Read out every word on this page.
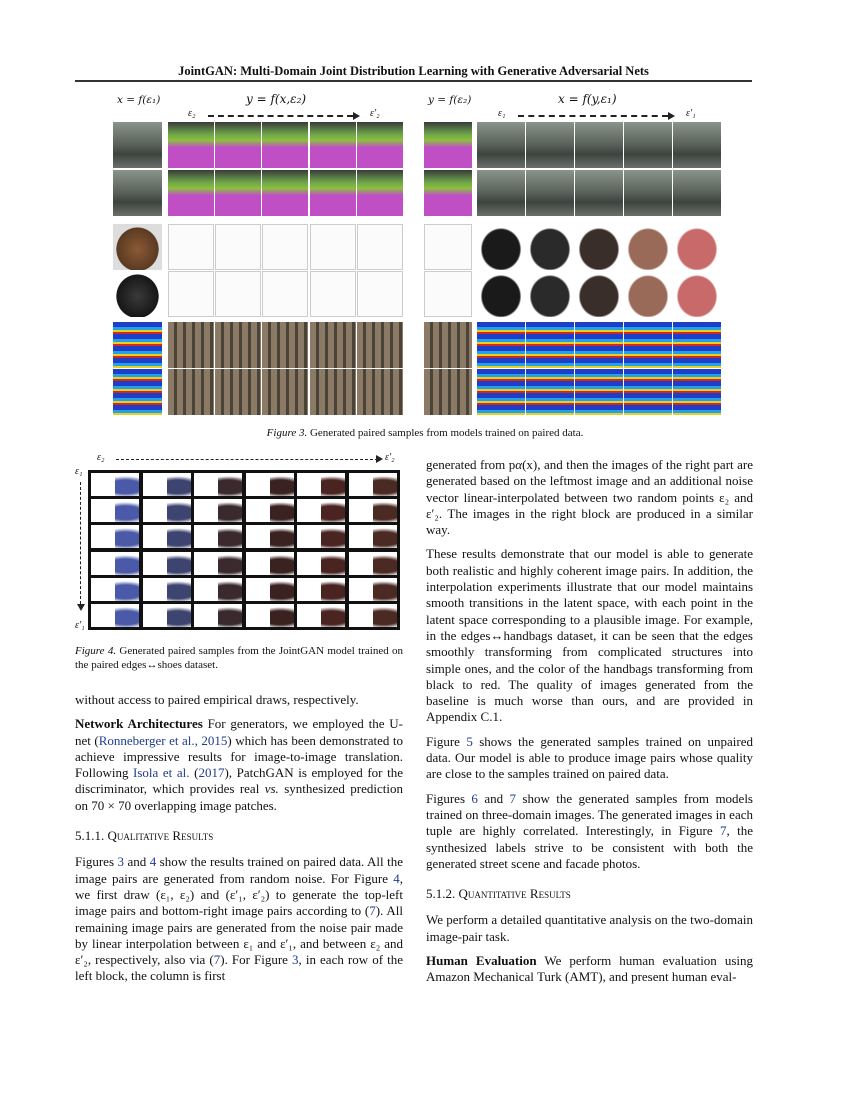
JointGAN: Multi-Domain Joint Distribution Learning with Generative Adversarial Nets
x = f(ε₁)	y = f(x,ε₂)
ε₂	ε′₂
y = f(ε₂)	x = f(y,ε₁)
ε₁	ε′₁
Figure 3. Generated paired samples from models trained on paired data.
ε₂	ε′₂
ε₁
ε′₁
Figure 4. Generated paired samples from the JointGAN model trained on the paired edges↔shoes dataset.

without access to paired empirical draws, respectively.

Network Architectures For generators, we employed the U-net (Ronneberger et al., 2015) which has been demonstrated to achieve impressive results for image-to-image translation. Following Isola et al. (2017), PatchGAN is employed for the discriminator, which provides real vs. synthesized prediction on 70 × 70 overlapping image patches.

5.1.1. Qualitative Results

Figures 3 and 4 show the results trained on paired data. All the image pairs are generated from random noise. For Figure 4, we first draw (ε₁, ε₂) and (ε′₁, ε′₂) to generate the top-left image pairs and bottom-right image pairs according to (7). All remaining image pairs are generated from the noise pair made by linear interpolation between ε₁ and ε′₁, and between ε₂ and ε′₂, respectively, also via (7). For Figure 3, in each row of the left block, the column is first

generated from pα(x), and then the images of the right part are generated based on the leftmost image and an additional noise vector linear-interpolated between two random points ε₂ and ε′₂. The images in the right block are produced in a similar way.

These results demonstrate that our model is able to generate both realistic and highly coherent image pairs. In addition, the interpolation experiments illustrate that our model maintains smooth transitions in the latent space, with each point in the latent space corresponding to a plausible image. For example, in the edges↔handbags dataset, it can be seen that the edges smoothly transforming from complicated structures into simple ones, and the color of the handbags transforming from black to red. The quality of images generated from the baseline is much worse than ours, and are provided in Appendix C.1.

Figure 5 shows the generated samples trained on unpaired data. Our model is able to produce image pairs whose quality are close to the samples trained on paired data.

Figures 6 and 7 show the generated samples from models trained on three-domain images. The generated images in each tuple are highly correlated. Interestingly, in Figure 7, the synthesized labels strive to be consistent with both the generated street scene and facade photos.

5.1.2. Quantitative Results

We perform a detailed quantitative analysis on the two-domain image-pair task.

Human Evaluation We perform human evaluation using Amazon Mechanical Turk (AMT), and present human eval-
